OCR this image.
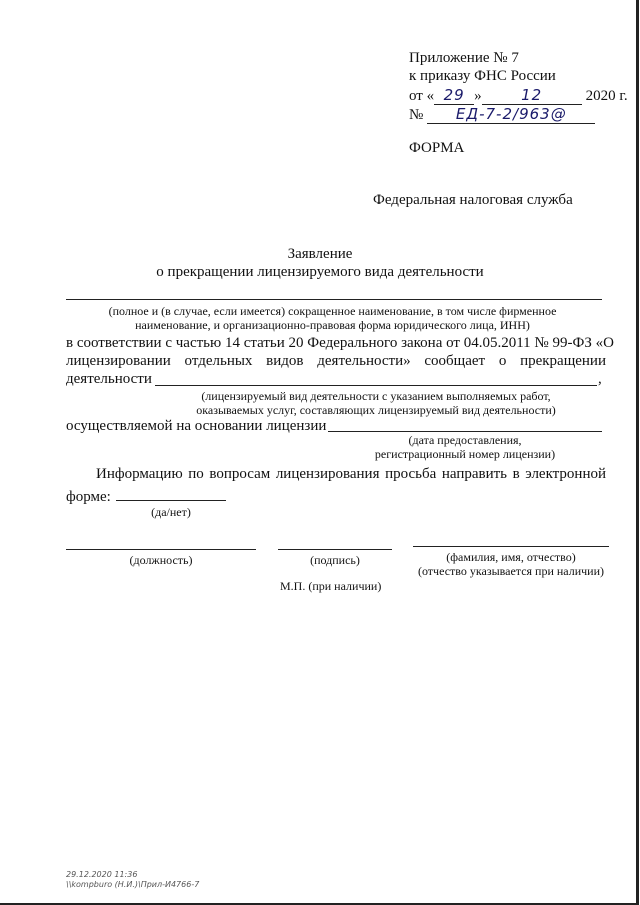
Приложение № 7
к приказу ФНС России
от « 29 »	12	2020 г.
№ ЕД-7-2/963@
ФОРМА
Федеральная налоговая служба
Заявление
о прекращении лицензируемого вида деятельности
(полное и (в случае, если имеется) сокращенное наименование, в том числе фирменное
наименование, и организационно-правовая форма юридического лица, ИНН)
в соответствии с частью 14 статьи 20 Федерального закона от 04.05.2011 № 99-ФЗ «О
лицензировании отдельных видов деятельности» сообщает о прекращении
деятельности	,
(лицензируемый вид деятельности с указанием выполняемых работ,
оказываемых услуг, составляющих лицензируемый вид деятельности)
осуществляемой на основании лицензии
(дата предоставления,
регистрационный номер лицензии)
Информацию по вопросам лицензирования просьба направить в электронной
форме:
(да/нет)
(должность)	(подпись)	(фамилия, имя, отчество)
(отчество указывается при наличии)
М.П. (при наличии)
29.12.2020 11:36
\\kompburo (Н.И.)\Прил-И4766-7
